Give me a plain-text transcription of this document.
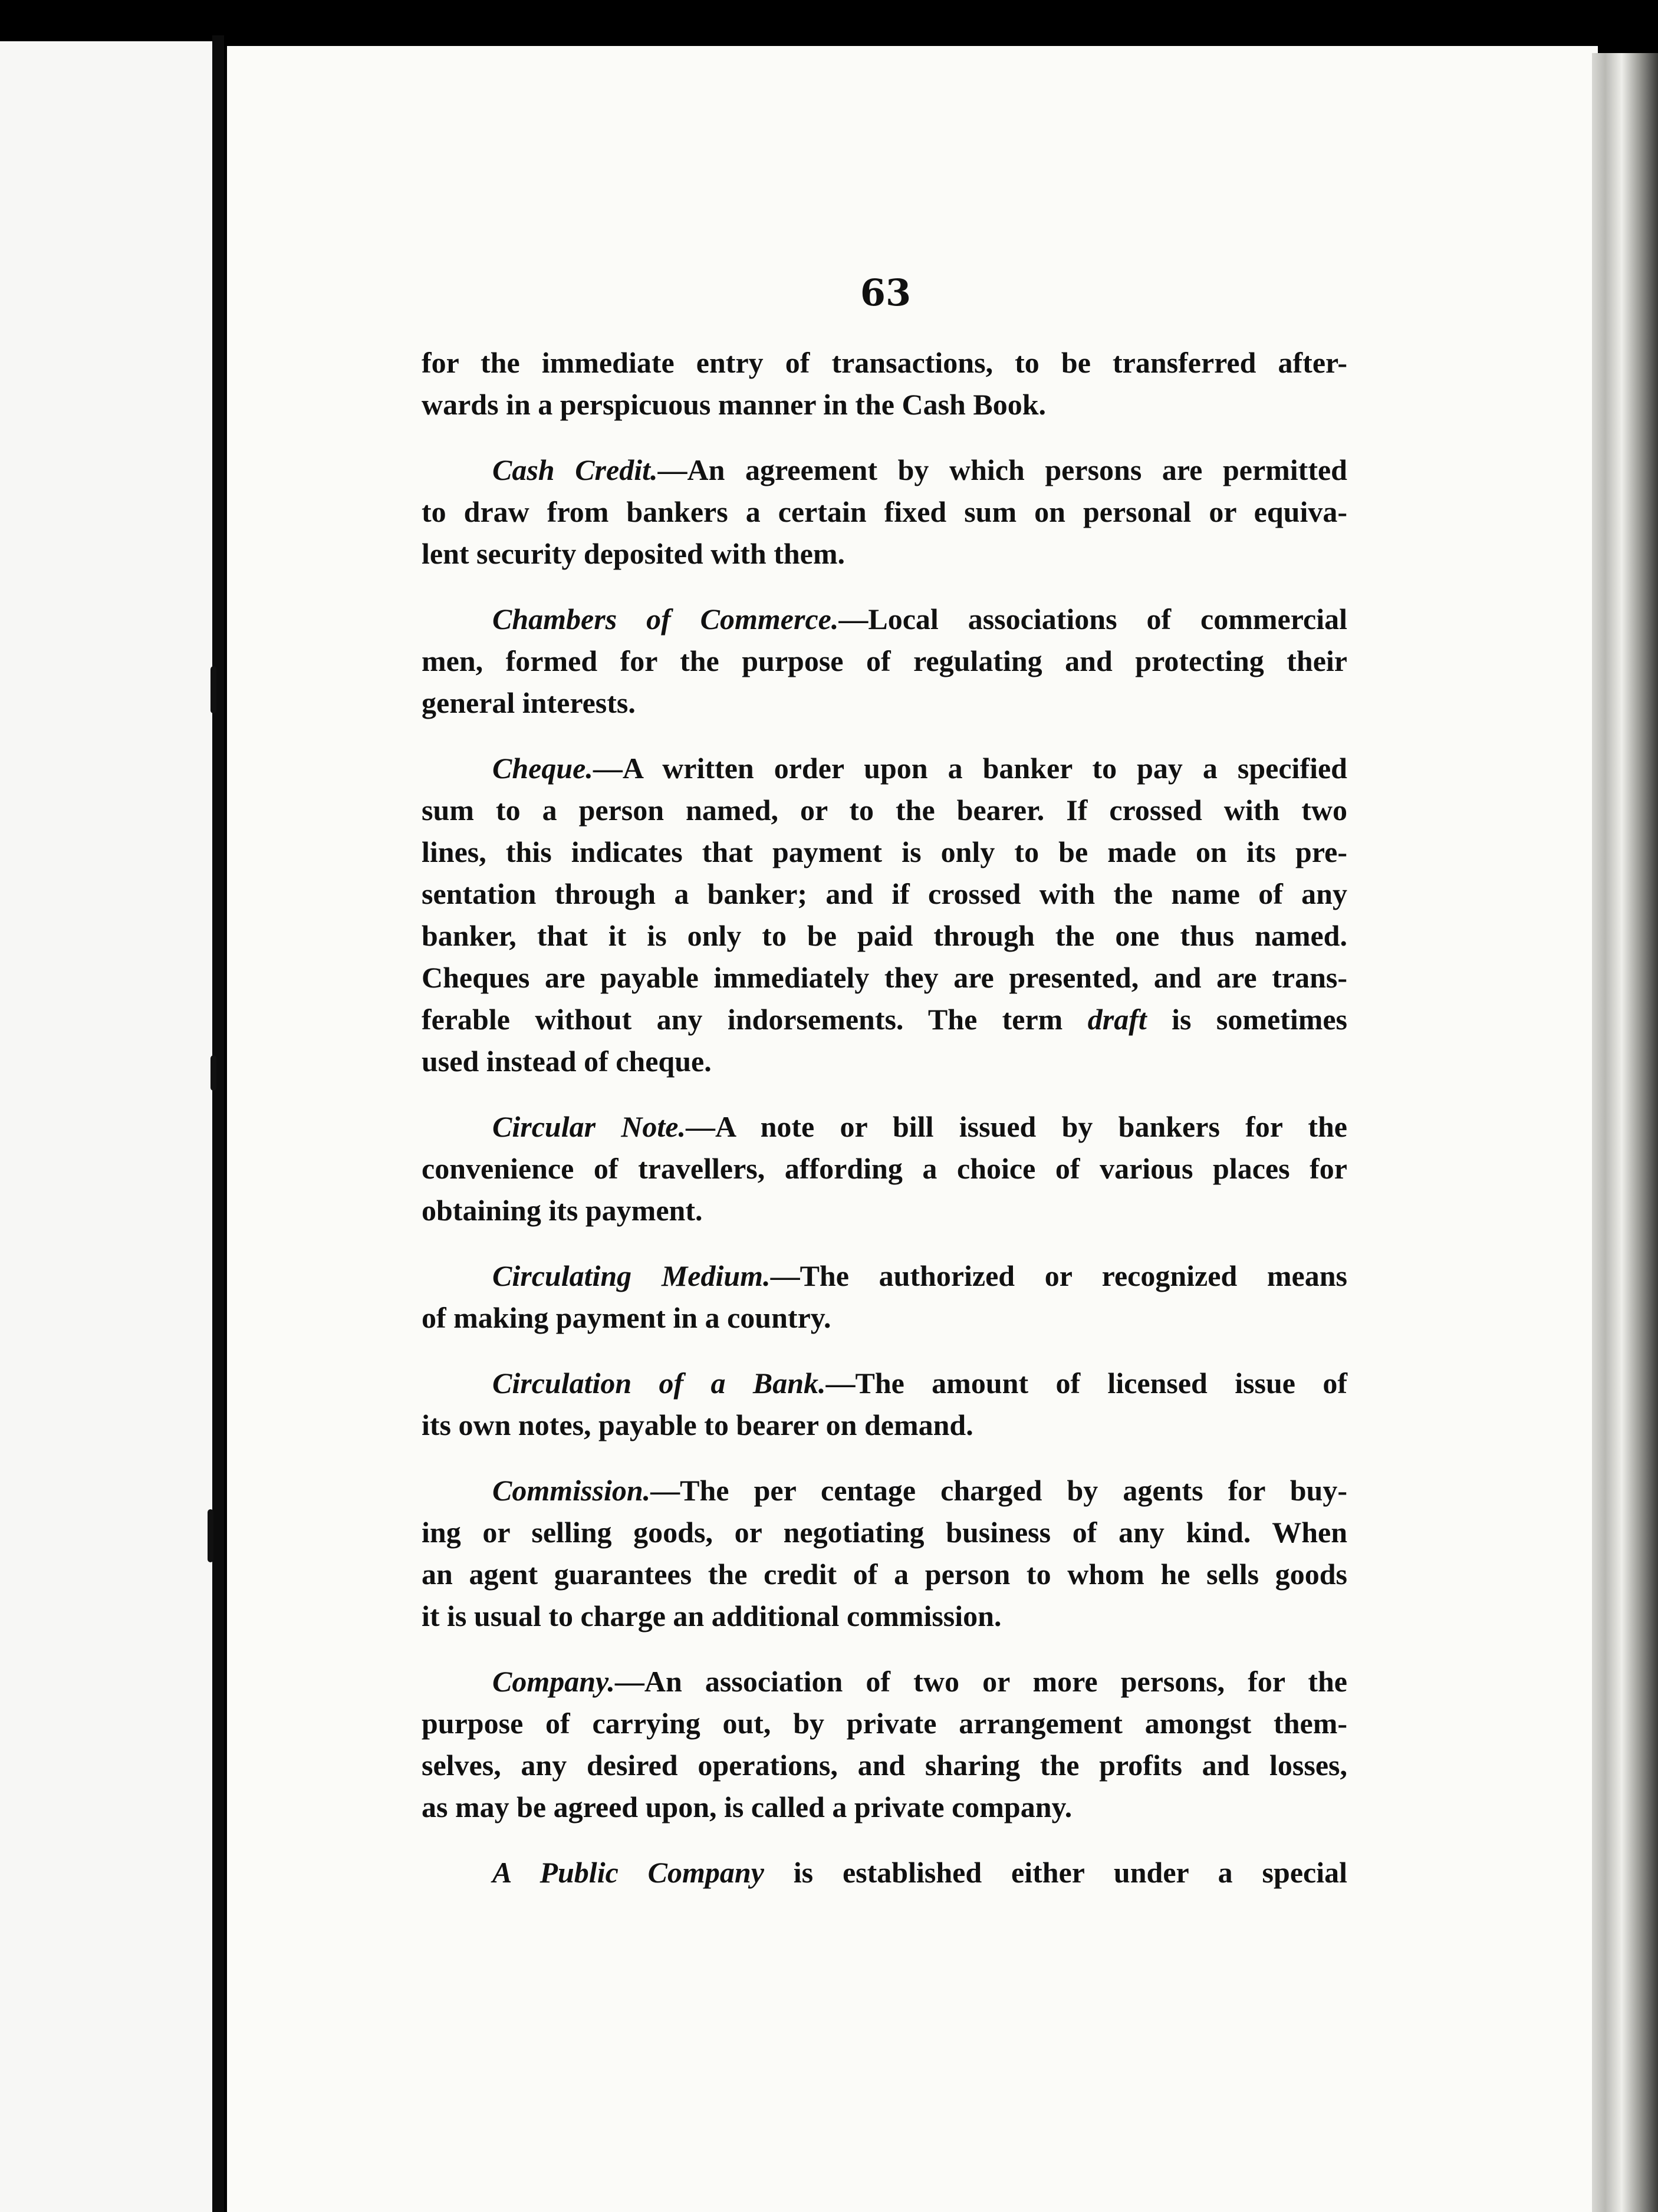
63
for the immediate entry of transactions, to be transferred after-
wards in a perspicuous manner in the Cash Book.
Cash Credit.—An agreement by which persons are permitted
to draw from bankers a certain fixed sum on personal or equiva-
lent security deposited with them.
Chambers of Commerce.—Local associations of commercial
men, formed for the purpose of regulating and protecting their
general interests.
Cheque.—A written order upon a banker to pay a specified
sum to a person named, or to the bearer. If crossed with two
lines, this indicates that payment is only to be made on its pre-
sentation through a banker; and if crossed with the name of any
banker, that it is only to be paid through the one thus named.
Cheques are payable immediately they are presented, and are trans-
ferable without any indorsements. The term draft is sometimes
used instead of cheque.
Circular Note.—A note or bill issued by bankers for the
convenience of travellers, affording a choice of various places for
obtaining its payment.
Circulating Medium.—The authorized or recognized means
of making payment in a country.
Circulation of a Bank.—The amount of licensed issue of
its own notes, payable to bearer on demand.
Commission.—The per centage charged by agents for buy-
ing or selling goods, or negotiating business of any kind. When
an agent guarantees the credit of a person to whom he sells goods
it is usual to charge an additional commission.
Company.—An association of two or more persons, for the
purpose of carrying out, by private arrangement amongst them-
selves, any desired operations, and sharing the profits and losses,
as may be agreed upon, is called a private company.
A Public Company is established either under a special
